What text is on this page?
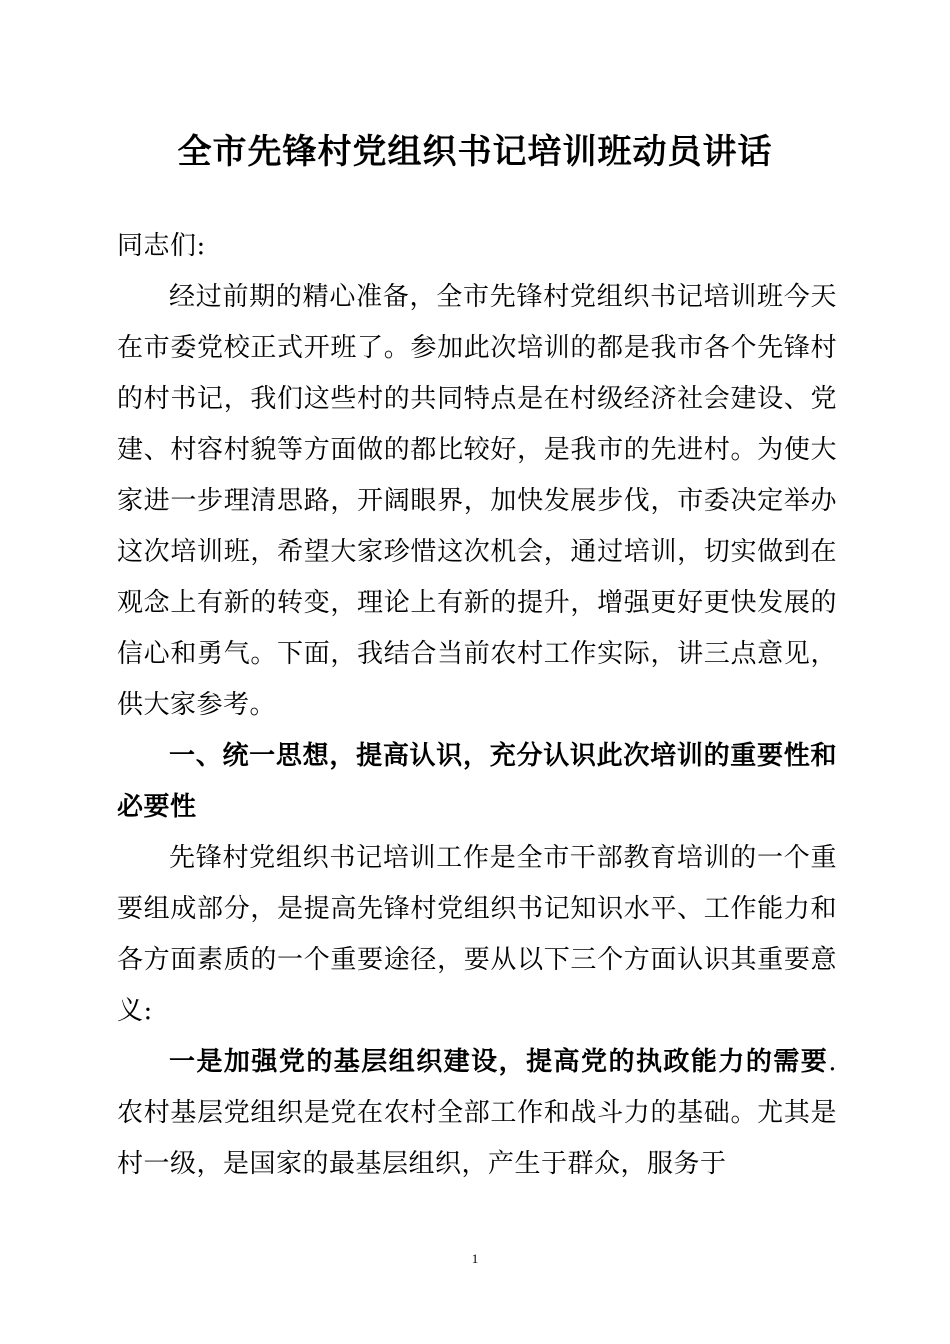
全市先锋村党组织书记培训班动员讲话

同志们:

经过前期的精心准备，全市先锋村党组织书记培训班今天在市委党校正式开班了。参加此次培训的都是我市各个先锋村的村书记，我们这些村的共同特点是在村级经济社会建设、党建、村容村貌等方面做的都比较好，是我市的先进村。为使大家进一步理清思路，开阔眼界，加快发展步伐，市委决定举办这次培训班，希望大家珍惜这次机会，通过培训，切实做到在观念上有新的转变，理论上有新的提升，增强更好更快发展的信心和勇气。下面，我结合当前农村工作实际，讲三点意见，供大家参考。

一、统一思想，提高认识，充分认识此次培训的重要性和必要性

先锋村党组织书记培训工作是全市干部教育培训的一个重要组成部分，是提高先锋村党组织书记知识水平、工作能力和各方面素质的一个重要途径，要从以下三个方面认识其重要意义:

一是加强党的基层组织建设，提高党的执政能力的需要.农村基层党组织是党在农村全部工作和战斗力的基础。尤其是村一级，是国家的最基层组织，产生于群众，服务于

1
